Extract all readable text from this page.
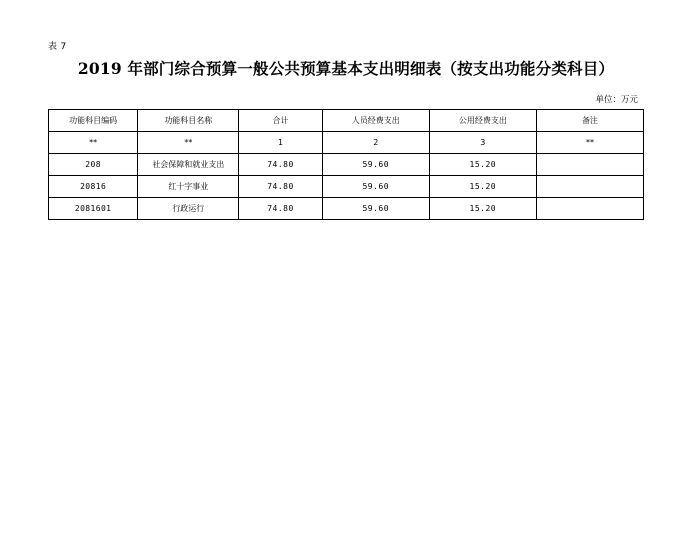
表 7
2019 年部门综合预算一般公共预算基本支出明细表（按支出功能分类科目）
单位：万元
功能科目编码	功能科目名称	合计	人员经费支出	公用经费支出	备注
**	**	1	2	3	**
208	社会保障和就业支出	74.80	59.60	15.20	
20816	红十字事业	74.80	59.60	15.20	
2081601	行政运行	74.80	59.60	15.20	
